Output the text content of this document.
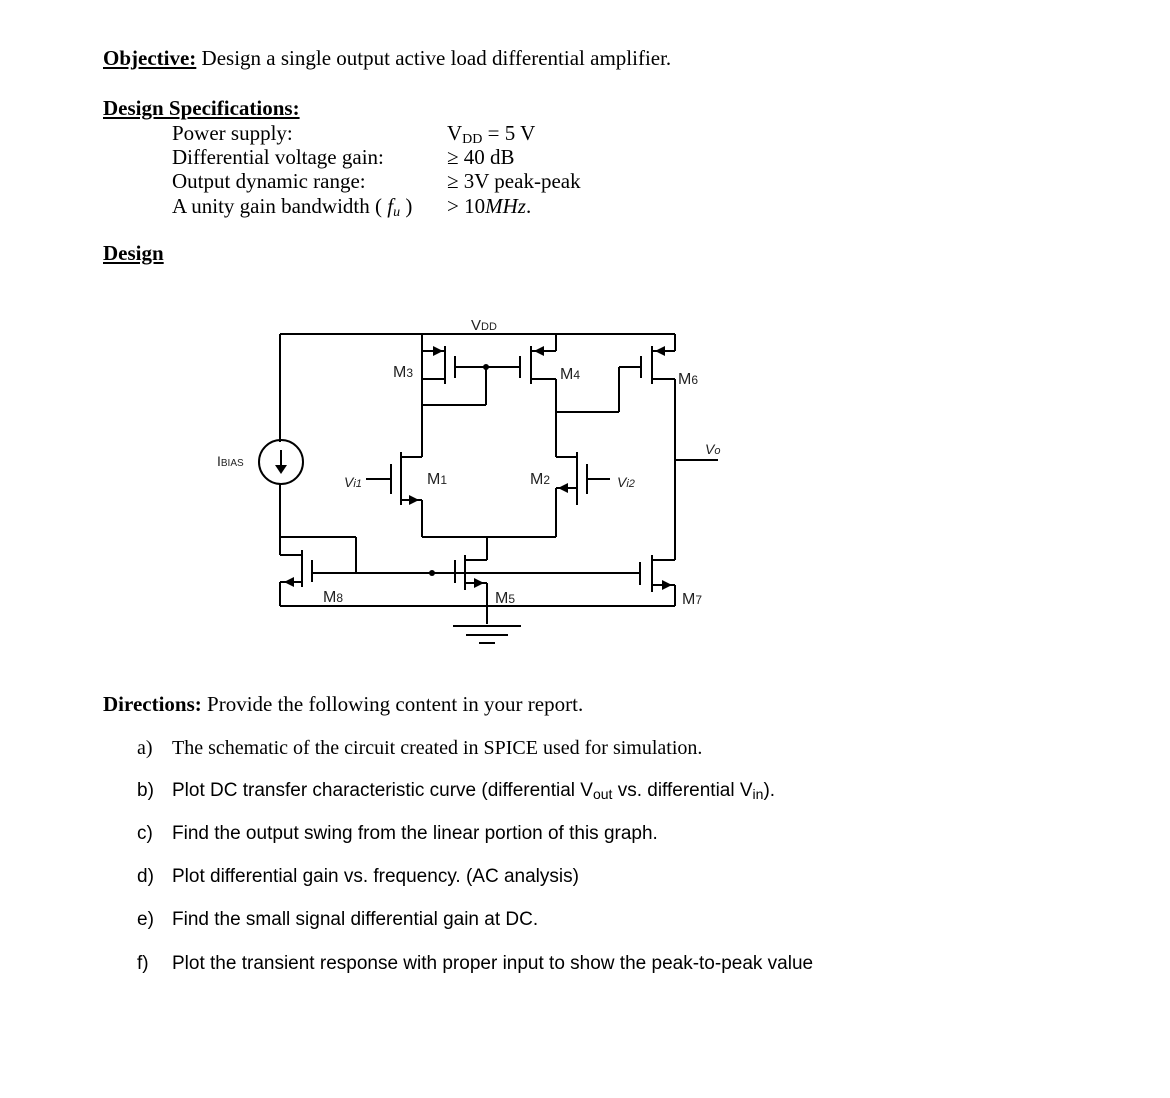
Objective: Design a single output active load differential amplifier.
Design Specifications:
Power supply:	$V_{DD} = 5$ V
Differential voltage gain:	≥ 40 dB
Output dynamic range:	≥ 3V peak-peak
A unity gain bandwidth ( $f_u$ ) > 10MHz.
Design
VDD
IBIAS
Vi1	Vi2
Vo
M1	M2
M3	M4
M5
M6
M7
M8
Directions: Provide the following content in your report.
a) The schematic of the circuit created in SPICE used for simulation.
b) Plot DC transfer characteristic curve (differential $V_{out}$ vs. differential $V_{in}$).
c) Find the output swing from the linear portion of this graph.
d) Plot differential gain vs. frequency. (AC analysis)
e) Find the small signal differential gain at DC.
f) Plot the transient response with proper input to show the peak-to-peak value
